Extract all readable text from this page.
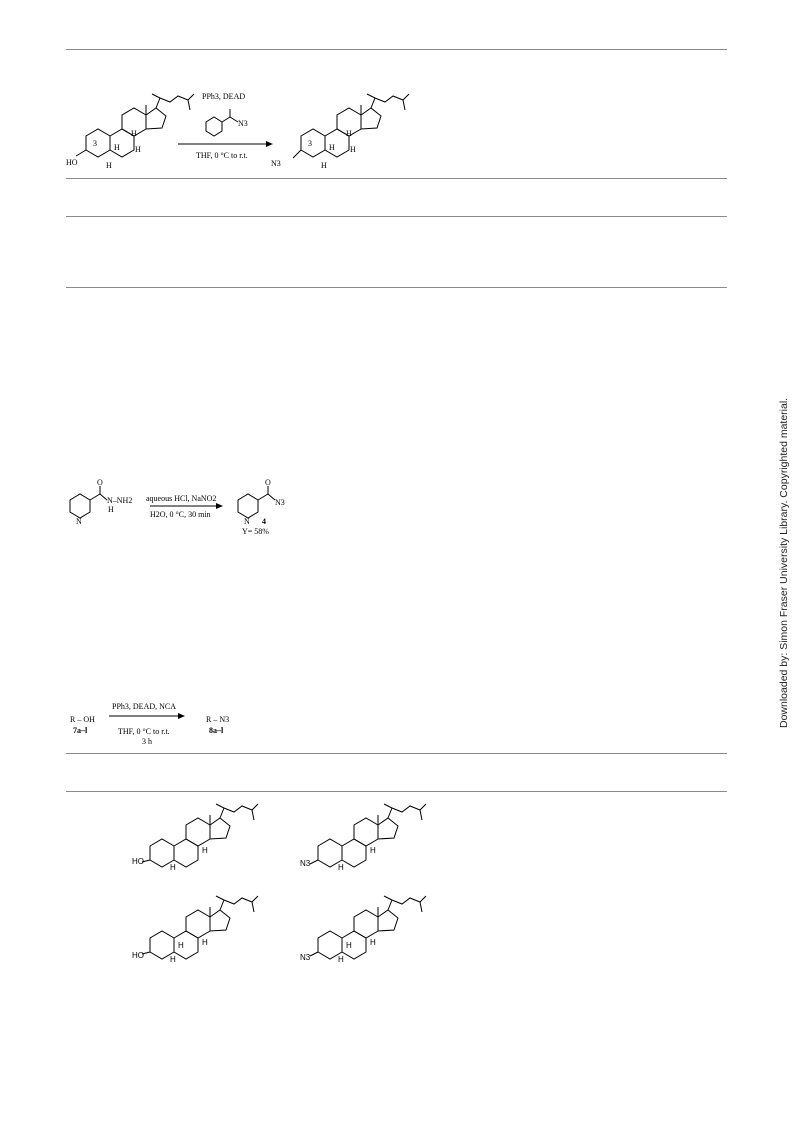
HO
3 H
H
H
H
PPh3, DEAD
N3
THF, 0 °C to r.t.
N3
3 H
H
H
H
O
N–NH2
H
N
aqueous HCl, NaNO2
H2O, 0 °C, 30 min
O
N3
N 4
Y= 58%
R – OH
7a–l
PPh3, DEAD, NCA
THF, 0 °C to r.t.
3 h
R – N3
8a–l
HO
H
H	N3
H
H
HO
H H
H	N3
H H
H
Downloaded by: Simon Fraser University Library. Copyrighted material.
